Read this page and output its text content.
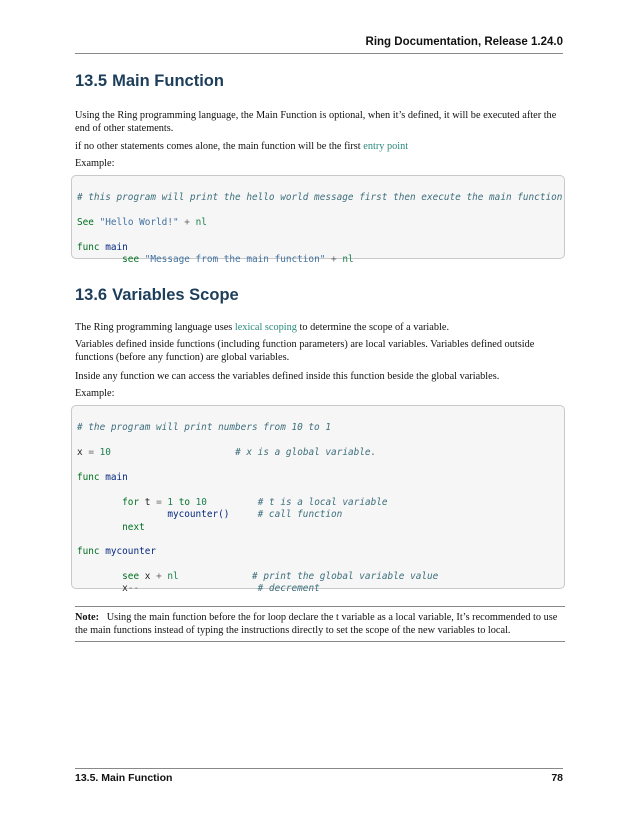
Ring Documentation, Release 1.24.0
13.5 Main Function
Using the Ring programming language, the Main Function is optional, when it’s defined, it will be executed after the end of other statements.
if no other statements comes alone, the main function will be the first entry point
Example:

# this program will print the hello world message first then execute the main function
See "Hello World!" + nl
func main
see "Message from the main function" + nl

13.6 Variables Scope
The Ring programming language uses lexical scoping to determine the scope of a variable.
Variables defined inside functions (including function parameters) are local variables. Variables defined outside functions (before any function) are global variables.
Inside any function we can access the variables defined inside this function beside the global variables.
Example:

# the program will print numbers from 10 to 1
x = 10	# x is a global variable.
func main
for t = 1 to 10	# t is a local variable
mycounter()	# call function
next
func mycounter
see x + nl	# print the global variable value
x--	# decrement

Note: Using the main function before the for loop declare the t variable as a local variable, It’s recommended to use the main functions instead of typing the instructions directly to set the scope of the new variables to local.
13.5. Main Function	78
